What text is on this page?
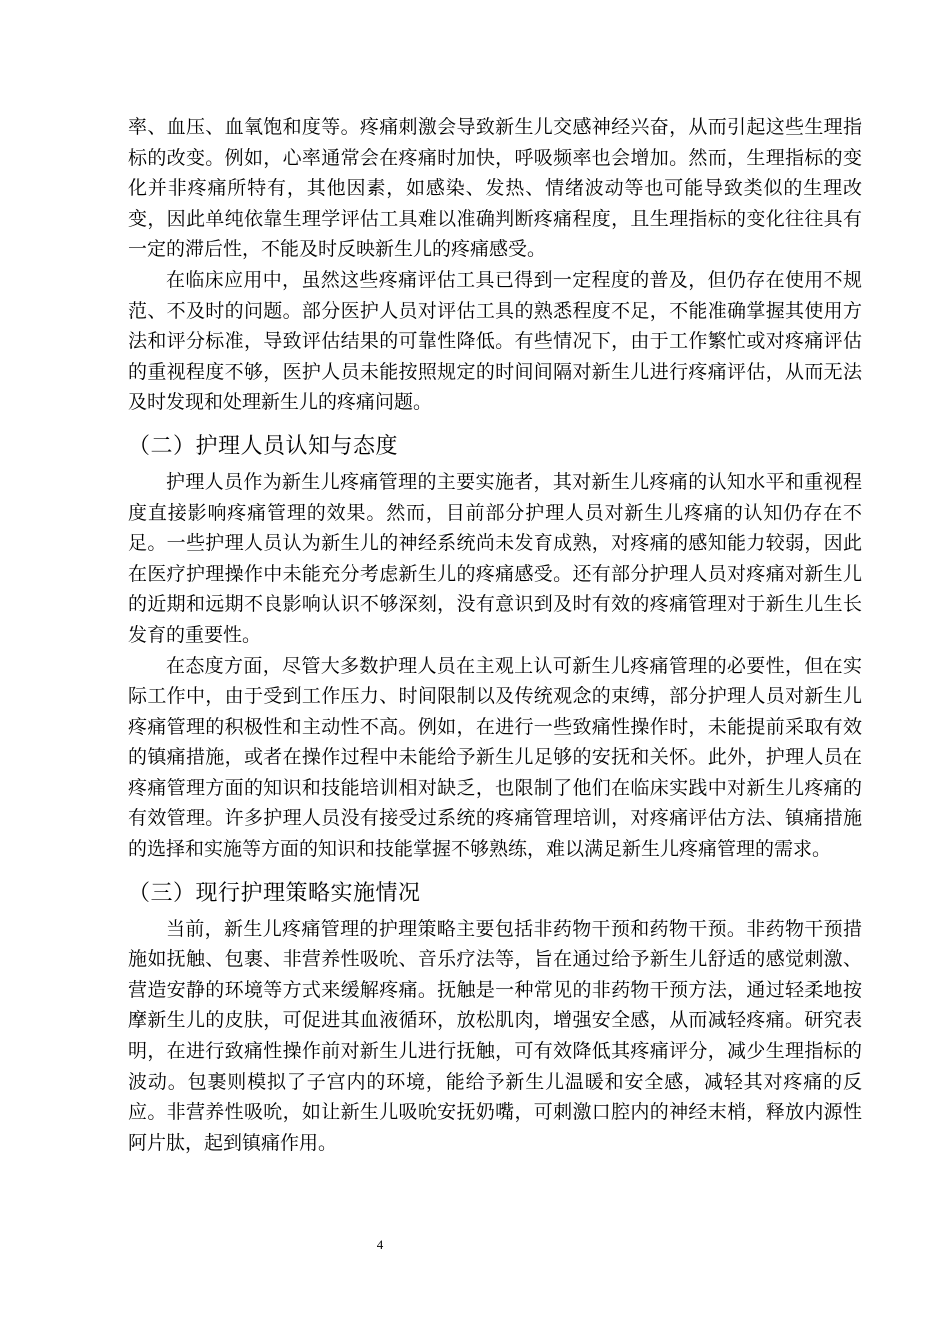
率、血压、血氧饱和度等。疼痛刺激会导致新生儿交感神经兴奋，从而引起这些生理指标的改变。例如，心率通常会在疼痛时加快，呼吸频率也会增加。然而，生理指标的变化并非疼痛所特有，其他因素，如感染、发热、情绪波动等也可能导致类似的生理改变，因此单纯依靠生理学评估工具难以准确判断疼痛程度，且生理指标的变化往往具有一定的滞后性，不能及时反映新生儿的疼痛感受。

在临床应用中，虽然这些疼痛评估工具已得到一定程度的普及，但仍存在使用不规范、不及时的问题。部分医护人员对评估工具的熟悉程度不足，不能准确掌握其使用方法和评分标准，导致评估结果的可靠性降低。有些情况下，由于工作繁忙或对疼痛评估的重视程度不够，医护人员未能按照规定的时间间隔对新生儿进行疼痛评估，从而无法及时发现和处理新生儿的疼痛问题。

（二）护理人员认知与态度

护理人员作为新生儿疼痛管理的主要实施者，其对新生儿疼痛的认知水平和重视程度直接影响疼痛管理的效果。然而，目前部分护理人员对新生儿疼痛的认知仍存在不足。一些护理人员认为新生儿的神经系统尚未发育成熟，对疼痛的感知能力较弱，因此在医疗护理操作中未能充分考虑新生儿的疼痛感受。还有部分护理人员对疼痛对新生儿的近期和远期不良影响认识不够深刻，没有意识到及时有效的疼痛管理对于新生儿生长发育的重要性。

在态度方面，尽管大多数护理人员在主观上认可新生儿疼痛管理的必要性，但在实际工作中，由于受到工作压力、时间限制以及传统观念的束缚，部分护理人员对新生儿疼痛管理的积极性和主动性不高。例如，在进行一些致痛性操作时，未能提前采取有效的镇痛措施，或者在操作过程中未能给予新生儿足够的安抚和关怀。此外，护理人员在疼痛管理方面的知识和技能培训相对缺乏，也限制了他们在临床实践中对新生儿疼痛的有效管理。许多护理人员没有接受过系统的疼痛管理培训，对疼痛评估方法、镇痛措施的选择和实施等方面的知识和技能掌握不够熟练，难以满足新生儿疼痛管理的需求。

（三）现行护理策略实施情况

当前，新生儿疼痛管理的护理策略主要包括非药物干预和药物干预。非药物干预措施如抚触、包裹、非营养性吸吮、音乐疗法等，旨在通过给予新生儿舒适的感觉刺激、营造安静的环境等方式来缓解疼痛。抚触是一种常见的非药物干预方法，通过轻柔地按摩新生儿的皮肤，可促进其血液循环，放松肌肉，增强安全感，从而减轻疼痛。研究表明，在进行致痛性操作前对新生儿进行抚触，可有效降低其疼痛评分，减少生理指标的波动。包裹则模拟了子宫内的环境，能给予新生儿温暖和安全感，减轻其对疼痛的反应。非营养性吸吮，如让新生儿吸吮安抚奶嘴，可刺激口腔内的神经末梢，释放内源性阿片肽，起到镇痛作用。

4
